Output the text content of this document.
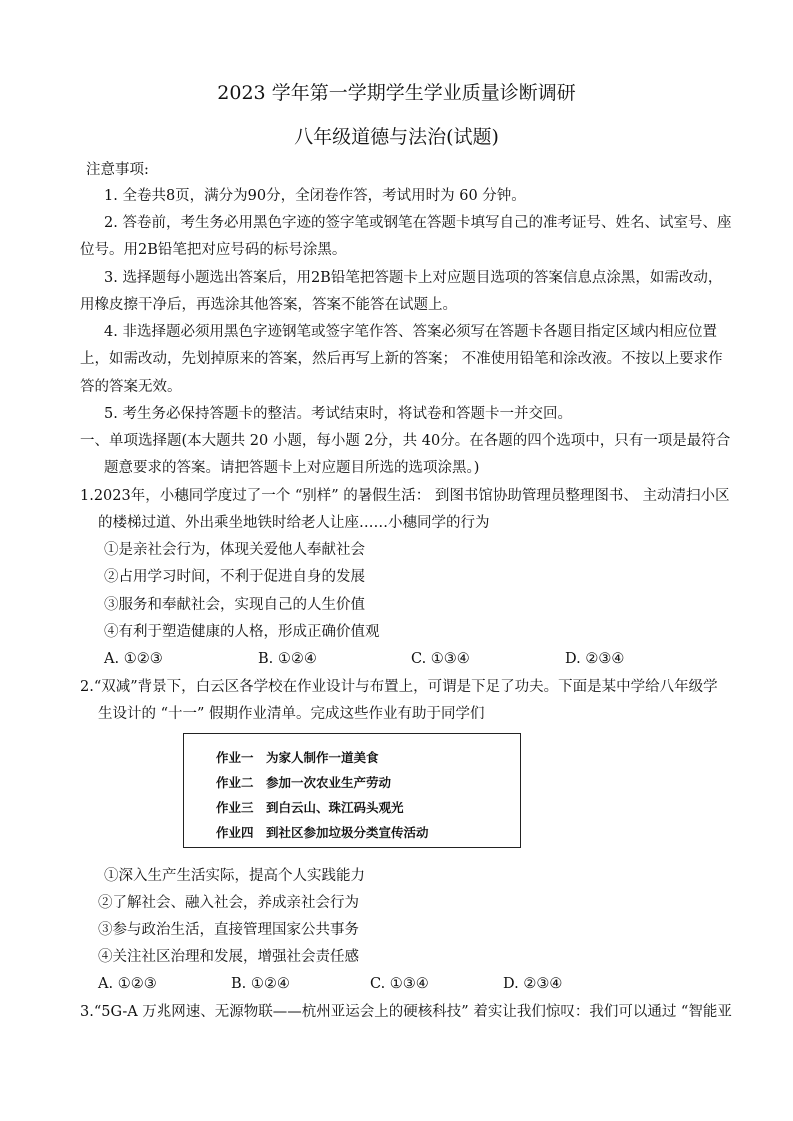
2023 学年第一学期学生学业质量诊断调研
八年级道德与法治(试题)
注意事项:
1. 全卷共8页，满分为90分，全闭卷作答，考试用时为 60 分钟。
2. 答卷前，考生务必用黑色字迹的签字笔或钢笔在答题卡填写自己的准考证号、姓名、试室号、座
位号。用2B铅笔把对应号码的标号涂黑。
3. 选择题每小题选出答案后，用2B铅笔把答题卡上对应题目选项的答案信息点涂黑，如需改动，
用橡皮擦干净后，再选涂其他答案，答案不能答在试题上。
4. 非选择题必须用黑色字迹钢笔或签字笔作答、答案必须写在答题卡各题目指定区域内相应位置
上，如需改动，先划掉原来的答案，然后再写上新的答案； 不准使用铅笔和涂改液。不按以上要求作
答的答案无效。
5. 考生务必保持答题卡的整洁。考试结束时，将试卷和答题卡一并交回。
一、单项选择题(本大题共 20 小题，每小题 2分，共 40分。在各题的四个选项中，只有一项是最符合
题意要求的答案。请把答题卡上对应题目所选的选项涂黑。)
1.2023年，小穗同学度过了一个 “别样” 的暑假生活： 到图书馆协助管理员整理图书、 主动清扫小区
的楼梯过道、外出乘坐地铁时给老人让座……小穗同学的行为
①是亲社会行为，体现关爱他人奉献社会
②占用学习时间，不利于促进自身的发展
③服务和奉献社会，实现自己的人生价值
④有利于塑造健康的人格，形成正确价值观
A. ①②③	B. ①②④	C. ①③④	D. ②③④
2.“双减”背景下，白云区各学校在作业设计与布置上，可谓是下足了功夫。下面是某中学给八年级学
生设计的 “十一” 假期作业清单。完成这些作业有助于同学们
作业一　为家人制作一道美食
作业二　参加一次农业生产劳动
作业三　到白云山、珠江码头观光
作业四　到社区参加垃圾分类宣传活动
①深入生产生活实际，提高个人实践能力
②了解社会、融入社会，养成亲社会行为
③参与政治生活，直接管理国家公共事务
④关注社区治理和发展，增强社会责任感
A. ①②③	B. ①②④	C. ①③④	D. ②③④
3.“5G-A 万兆网速、无源物联——杭州亚运会上的硬核科技” 着实让我们惊叹：我们可以通过 “智能亚
